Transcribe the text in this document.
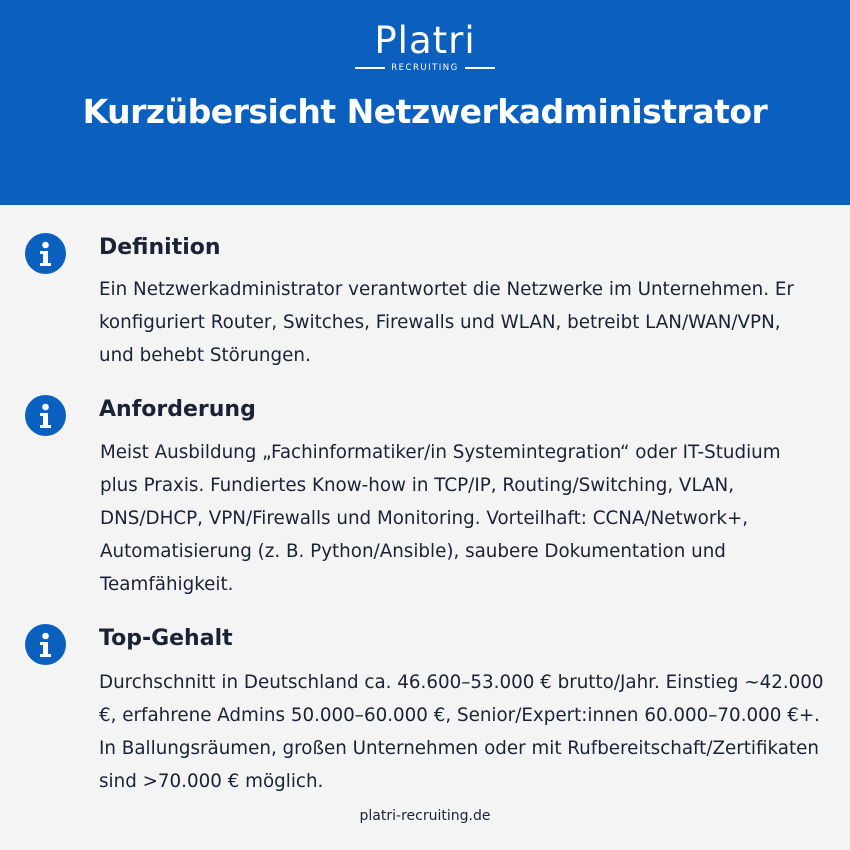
Platri
RECRUITING
Kurzübersicht Netzwerkadministrator
Definition
Ein Netzwerkadministrator verantwortet die Netzwerke im Unternehmen. Er konfiguriert Router, Switches, Firewalls und WLAN, betreibt LAN/WAN/VPN, und behebt Störungen.
Anforderung
Meist Ausbildung „Fachinformatiker/in Systemintegration“ oder IT-Studium plus Praxis. Fundiertes Know-how in TCP/IP, Routing/Switching, VLAN, DNS/DHCP, VPN/Firewalls und Monitoring. Vorteilhaft: CCNA/Network+, Automatisierung (z. B. Python/Ansible), saubere Dokumentation und Teamfähigkeit.
Top-Gehalt
Durchschnitt in Deutschland ca. 46.600–53.000 € brutto/Jahr. Einstieg ~42.000 €, erfahrene Admins 50.000–60.000 €, Senior/Expert:innen 60.000–70.000 €+. In Ballungsräumen, großen Unternehmen oder mit Rufbereitschaft/Zertifikaten sind >70.000 € möglich.
platri-recruiting.de
